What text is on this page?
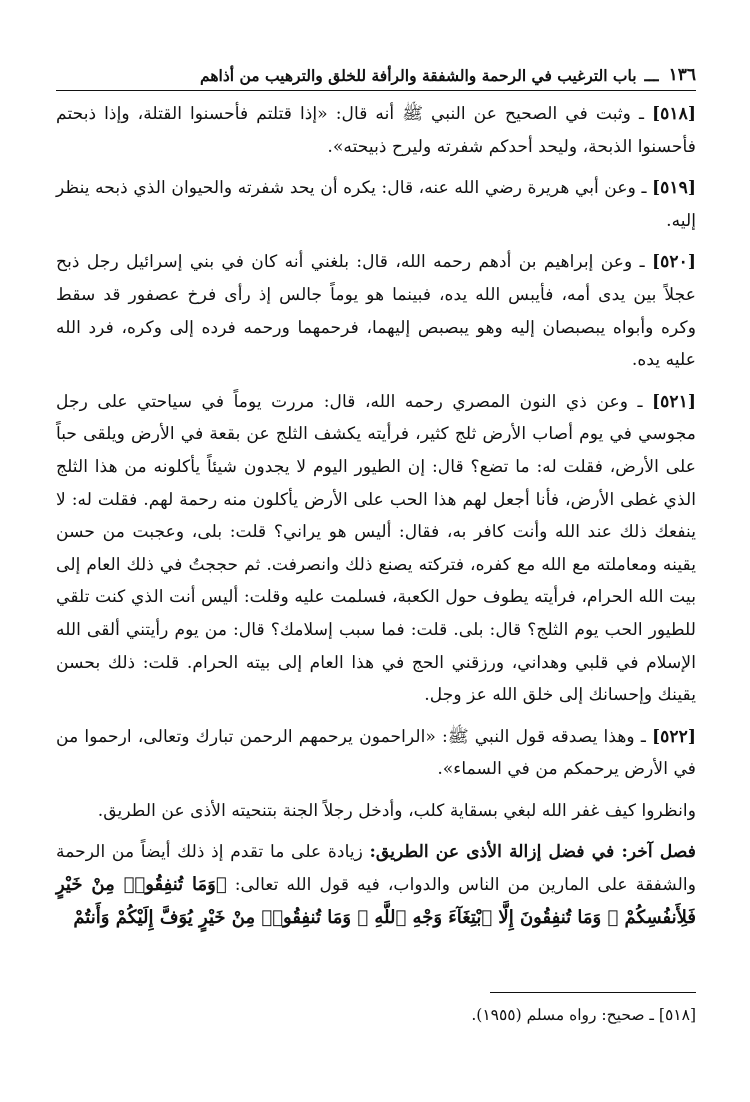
١٣٦
ـــ
باب الترغيب في الرحمة والشفقة والرأفة للخلق والترهيب من أذاهم

[٥١٨] ـ وثبت في الصحيح عن النبي ﷺ أنه قال: «إذا قتلتم فأحسنوا القتلة، وإذا ذبحتم فأحسنوا الذبحة، وليحد أحدكم شفرته وليرح ذبيحته».

[٥١٩] ـ وعن أبي هريرة رضي الله عنه، قال: يكره أن يحد شفرته والحيوان الذي ذبحه ينظر إليه.

[٥٢٠] ـ وعن إبراهيم بن أدهم رحمه الله، قال: بلغني أنه كان في بني إسرائيل رجل ذبح عجلاً بين يدى أمه، فأيبس الله يده، فبينما هو يوماً جالس إذ رأى فرخ عصفور قد سقط وكره وأبواه يبصبصان إليه وهو يبصبص إليهما، فرحمهما ورحمه فرده إلى وكره، فرد الله عليه يده.

[٥٢١] ـ وعن ذي النون المصري رحمه الله، قال: مررت يوماً في سياحتي على رجل مجوسي في يوم أصاب الأرض ثلج كثير، فرأيته يكشف الثلج عن بقعة في الأرض ويلقى حباً على الأرض، فقلت له: ما تضع؟ قال: إن الطيور اليوم لا يجدون شيئاً يأكلونه من هذا الثلج الذي غطى الأرض، فأنا أجعل لهم هذا الحب على الأرض يأكلون منه رحمة لهم. فقلت له: لا ينفعك ذلك عند الله وأنت كافر به، فقال: أليس هو يراني؟ قلت: بلى، وعجبت من حسن يقينه ومعاملته مع الله مع كفره، فتركته يصنع ذلك وانصرفت. ثم حججتُ في ذلك العام إلى بيت الله الحرام، فرأيته يطوف حول الكعبة، فسلمت عليه وقلت: أليس أنت الذي كنت تلقي للطيور الحب يوم الثلج؟ قال: بلى. قلت: فما سبب إسلامك؟ قال: من يوم رأيتني ألقى الله الإسلام في قلبي وهداني، ورزقني الحج في هذا العام إلى بيته الحرام. قلت: ذلك بحسن يقينك وإحسانك إلى خلق الله عز وجل.

[٥٢٢] ـ وهذا يصدقه قول النبي ﷺ: «الراحمون يرحمهم الرحمن تبارك وتعالى، ارحموا من في الأرض يرحمكم من في السماء».

وانظروا كيف غفر الله لبغي بسقاية كلب، وأدخل رجلاً الجنة بتنحيته الأذى عن الطريق.

فصل آخر: في فضل إزالة الأذى عن الطريق: زيادة على ما تقدم إذ ذلك أيضاً من الرحمة والشفقة على المارين من الناس والدواب، فيه قول الله تعالى: ﴿وَمَا تُنفِقُوا۟ مِنْ خَيْرٍ فَلِأَنفُسِكُمْ ۚ وَمَا تُنفِقُونَ إِلَّا ٱبْتِغَآءَ وَجْهِ ٱللَّهِ ۚ وَمَا تُنفِقُوا۟ مِنْ خَيْرٍ يُوَفَّ إِلَيْكُمْ وَأَنتُمْ

[٥١٨] ـ صحيح: رواه مسلم (١٩٥٥).
